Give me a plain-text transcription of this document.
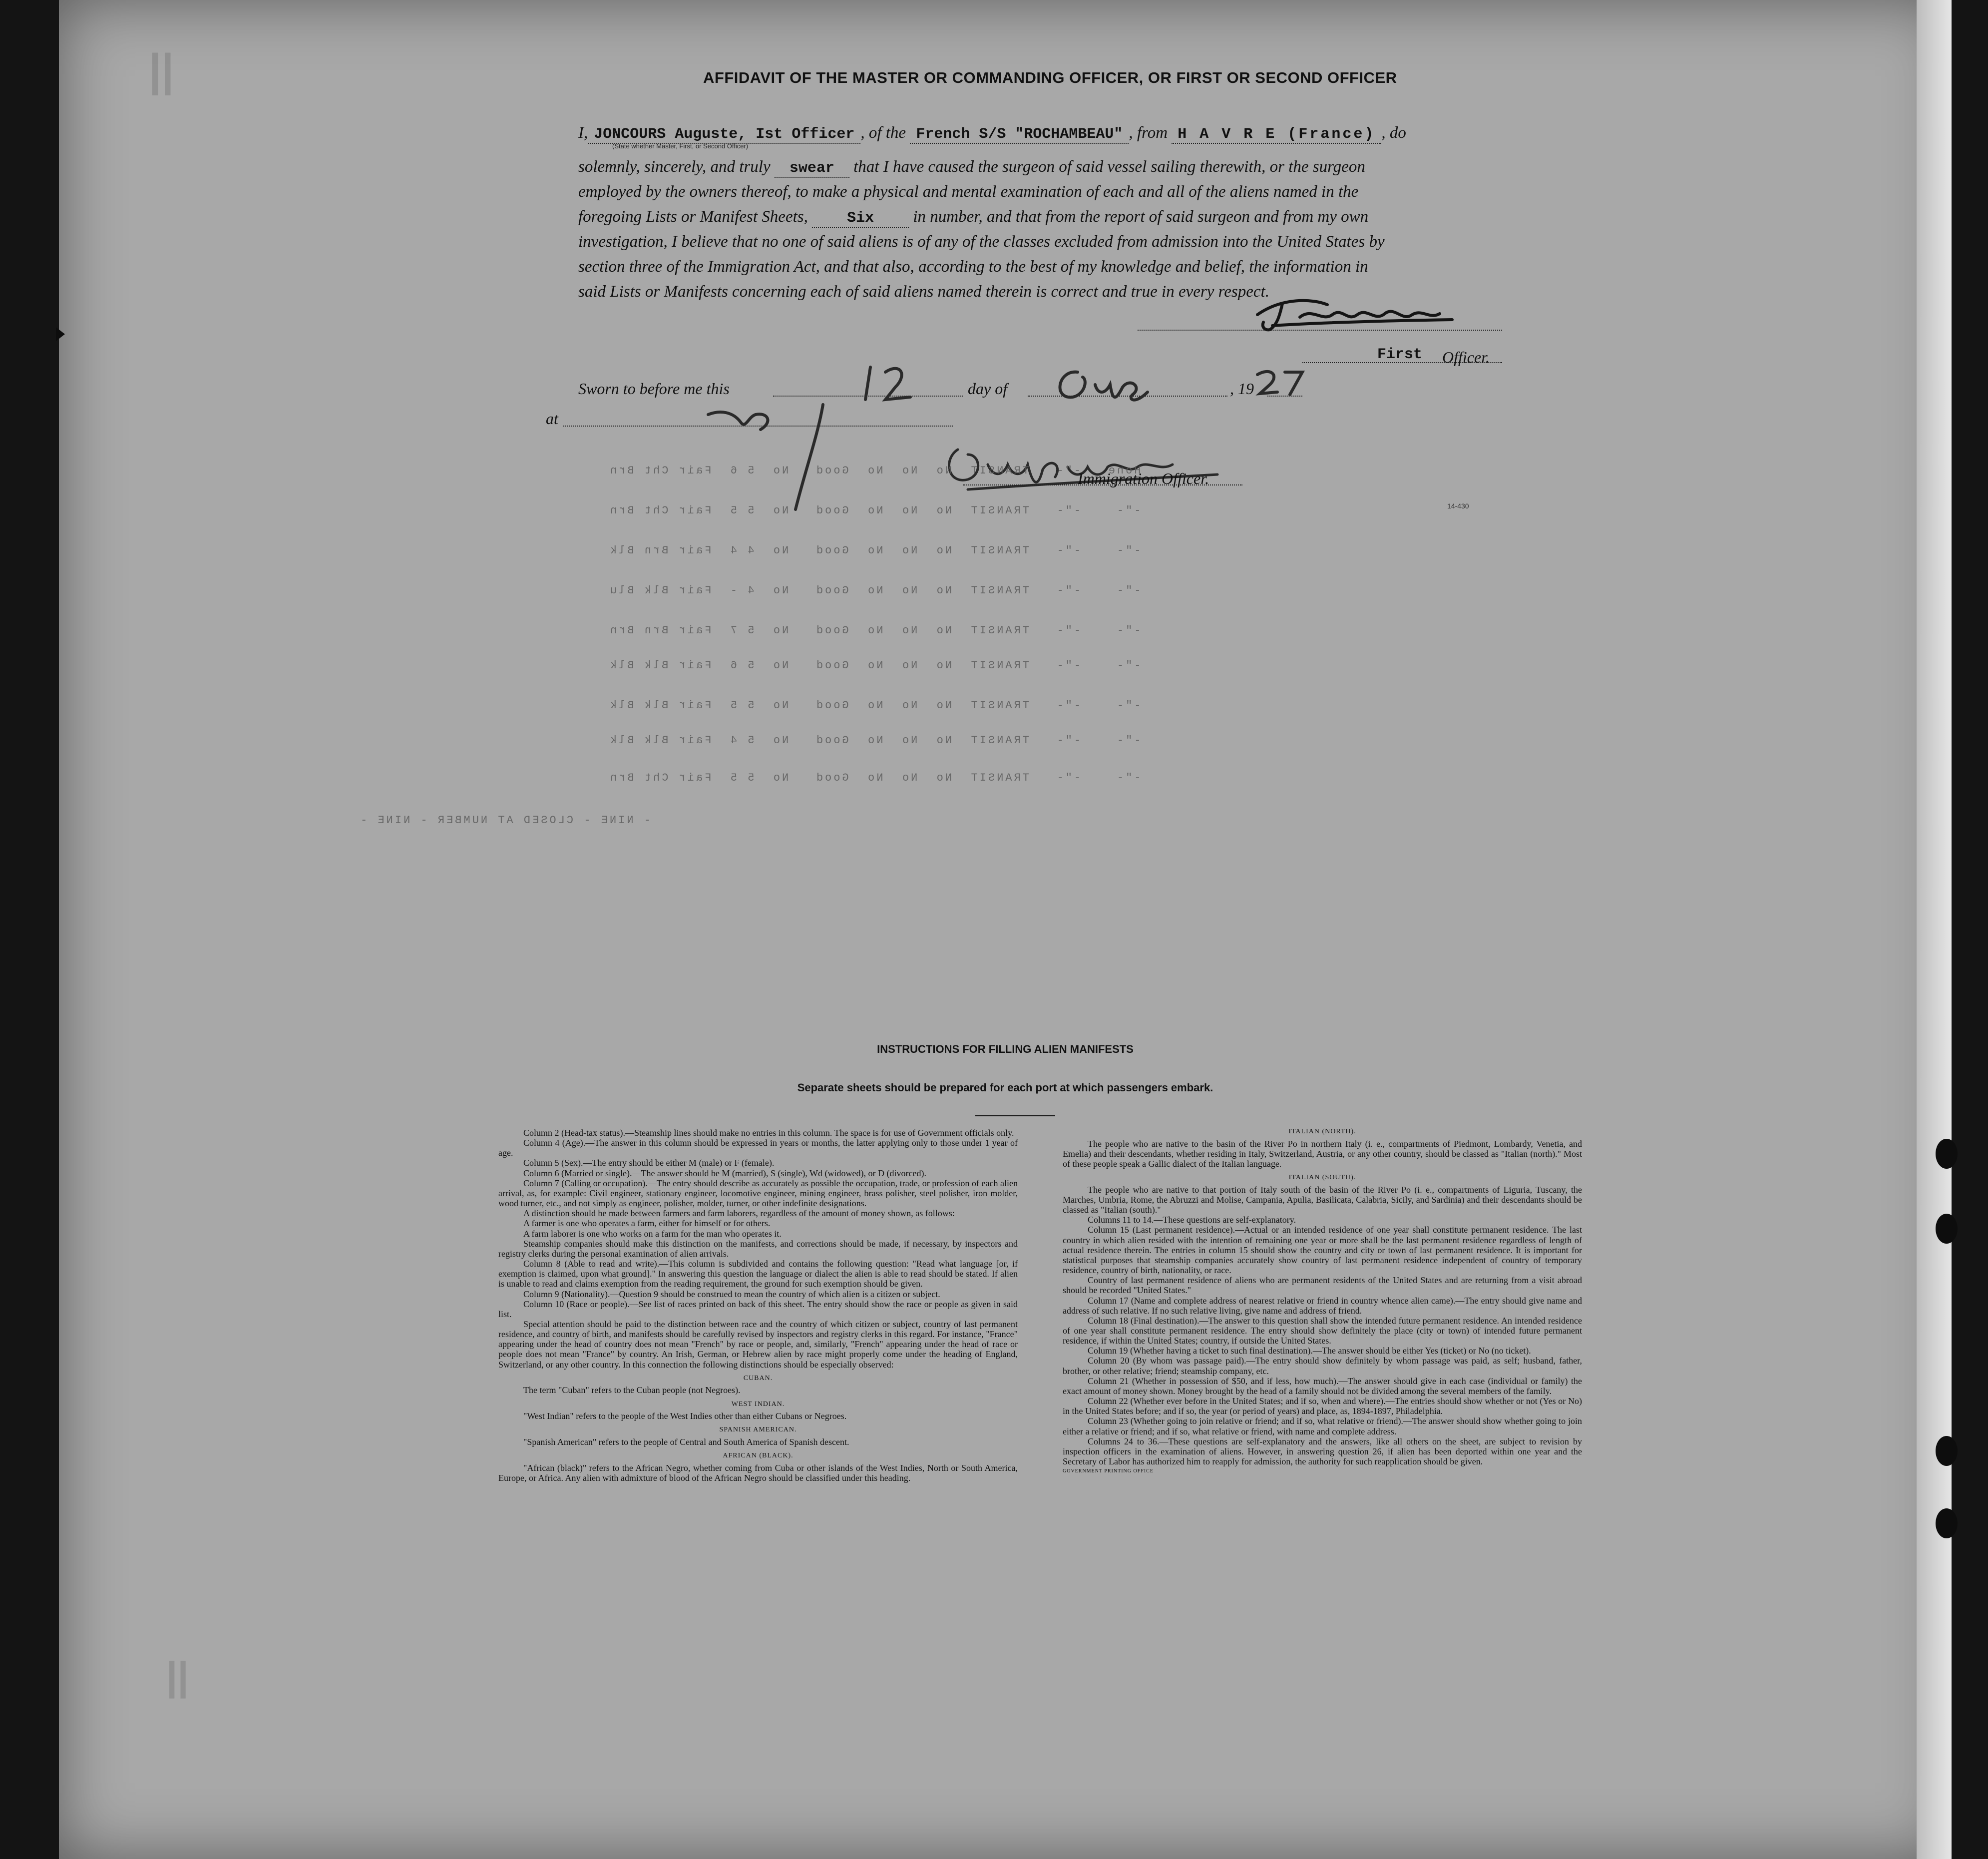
||
||
AFFIDAVIT OF THE MASTER OR COMMANDING OFFICER, OR FIRST OR SECOND OFFICER
I, JONCOURS Auguste, Ist Officer , of the French S/S "ROCHAMBEAU" , from H A V R E (France) , do
(State whether Master, First, or Second Officer)
solemnly, sincerely, and truly swear that I have caused the surgeon of said vessel sailing therewith, or the surgeon
employed by the owners thereof, to make a physical and mental examination of each and all of the aliens named in the
foregoing Lists or Manifest Sheets,	Six in number, and that from the report of said surgeon and from my own
investigation, I believe that no one of said aliens is of any of the classes excluded from admission into the United States by
section three of the Immigration Act, and that also, according to the best of my knowledge and belief, the information in
said Lists or Manifests concerning each of said aliens named therein is correct and true in every respect.
First Officer.
Sworn to before me this	day of	, 19
at
Immigration Officer.
Hone   -"-   TRANSIT  No  No  No  Good   No  5 6  Fair Cht Brn
-"-    -"-   TRANSIT  No  No  No  Good   No  5 5  Fair Cht Brn
-"-    -"-   TRANSIT  No  No  No  Good   No  4 4  Fair Brn Blk
-"-    -"-   TRANSIT  No  No  No  Good   No  4 -  Fair Blk Blu
-"-    -"-   TRANSIT  No  No  No  Good   No  5 7  Fair Brn Brn
-"-    -"-   TRANSIT  No  No  No  Good   No  5 6  Fair Blk Blk
-"-    -"-   TRANSIT  No  No  No  Good   No  5 5  Fair Blk Blk
-"-    -"-   TRANSIT  No  No  No  Good   No  5 4  Fair Blk Blk
-"-    -"-   TRANSIT  No  No  No  Good   No  5 5  Fair Cht Brn
- NINE - CLOSED AT NUMBER - NINE -
14-430
INSTRUCTIONS FOR FILLING ALIEN MANIFESTS
Separate sheets should be prepared for each port at which passengers embark.

Column 2 (Head-tax status).—Steamship lines should make no entries in this column. The space is for use of Government officials only.

Column 4 (Age).—The answer in this column should be expressed in years or months, the latter applying only to those under 1 year of age.

Column 5 (Sex).—The entry should be either M (male) or F (female).

Column 6 (Married or single).—The answer should be M (married), S (single), Wd (widowed), or D (divorced).

Column 7 (Calling or occupation).—The entry should describe as accurately as possible the occupation, trade, or profession of each alien arrival, as, for example: Civil engineer, stationary engineer, locomotive engineer, mining engineer, brass polisher, steel polisher, iron molder, wood turner, etc., and not simply as engineer, polisher, molder, turner, or other indefinite designations.

A distinction should be made between farmers and farm laborers, regardless of the amount of money shown, as follows:

A farmer is one who operates a farm, either for himself or for others.

A farm laborer is one who works on a farm for the man who operates it.

Steamship companies should make this distinction on the manifests, and corrections should be made, if necessary, by inspectors and registry clerks during the personal examination of alien arrivals.

Column 8 (Able to read and write).—This column is subdivided and contains the following question: "Read what language [or, if exemption is claimed, upon what ground]." In answering this question the language or dialect the alien is able to read should be stated. If alien is unable to read and claims exemption from the reading requirement, the ground for such exemption should be given.

Column 9 (Nationality).—Question 9 should be construed to mean the country of which alien is a citizen or subject.

Column 10 (Race or people).—See list of races printed on back of this sheet. The entry should show the race or people as given in said list.

Special attention should be paid to the distinction between race and the country of which citizen or subject, country of last permanent residence, and country of birth, and manifests should be carefully revised by inspectors and registry clerks in this regard. For instance, "France" appearing under the head of country does not mean "French" by race or people, and, similarly, "French" appearing under the head of race or people does not mean "France" by country. An Irish, German, or Hebrew alien by race might properly come under the heading of England, Switzerland, or any other country. In this connection the following distinctions should be especially observed:

CUBAN.

The term "Cuban" refers to the Cuban people (not Negroes).

WEST INDIAN.

"West Indian" refers to the people of the West Indies other than either Cubans or Negroes.

SPANISH AMERICAN.

"Spanish American" refers to the people of Central and South America of Spanish descent.

AFRICAN (BLACK).

"African (black)" refers to the African Negro, whether coming from Cuba or other islands of the West Indies, North or South America, Europe, or Africa. Any alien with admixture of blood of the African Negro should be classified under this heading.

ITALIAN (NORTH).

The people who are native to the basin of the River Po in northern Italy (i. e., compartments of Piedmont, Lombardy, Venetia, and Emelia) and their descendants, whether residing in Italy, Switzerland, Austria, or any other country, should be classed as "Italian (north)." Most of these people speak a Gallic dialect of the Italian language.

ITALIAN (SOUTH).

The people who are native to that portion of Italy south of the basin of the River Po (i. e., compartments of Liguria, Tuscany, the Marches, Umbria, Rome, the Abruzzi and Molise, Campania, Apulia, Basilicata, Calabria, Sicily, and Sardinia) and their descendants should be classed as "Italian (south)."

Columns 11 to 14.—These questions are self-explanatory.

Column 15 (Last permanent residence).—Actual or an intended residence of one year shall constitute permanent residence. The last country in which alien resided with the intention of remaining one year or more shall be the last permanent residence regardless of length of actual residence therein. The entries in column 15 should show the country and city or town of last permanent residence. It is important for statistical purposes that steamship companies accurately show country of last permanent residence independent of country of temporary residence, country of birth, nationality, or race.

Country of last permanent residence of aliens who are permanent residents of the United States and are returning from a visit abroad should be recorded "United States."

Column 17 (Name and complete address of nearest relative or friend in country whence alien came).—The entry should give name and address of such relative. If no such relative living, give name and address of friend.

Column 18 (Final destination).—The answer to this question shall show the intended future permanent residence. An intended residence of one year shall constitute permanent residence. The entry should show definitely the place (city or town) of intended future permanent residence, if within the United States; country, if outside the United States.

Column 19 (Whether having a ticket to such final destination).—The answer should be either Yes (ticket) or No (no ticket).

Column 20 (By whom was passage paid).—The entry should show definitely by whom passage was paid, as self; husband, father, brother, or other relative; friend; steamship company, etc.

Column 21 (Whether in possession of $50, and if less, how much).—The answer should give in each case (individual or family) the exact amount of money shown. Money brought by the head of a family should not be divided among the several members of the family.

Column 22 (Whether ever before in the United States; and if so, when and where).—The entries should show whether or not (Yes or No) in the United States before; and if so, the year (or period of years) and place, as, 1894-1897, Philadelphia.

Column 23 (Whether going to join relative or friend; and if so, what relative or friend).—The answer should show whether going to join either a relative or friend; and if so, what relative or friend, with name and complete address.

Columns 24 to 36.—These questions are self-explanatory and the answers, like all others on the sheet, are subject to revision by inspection officers in the examination of aliens. However, in answering question 26, if alien has been deported within one year and the Secretary of Labor has authorized him to reapply for admission, the authority for such reapplication should be given.

GOVERNMENT PRINTING OFFICE
